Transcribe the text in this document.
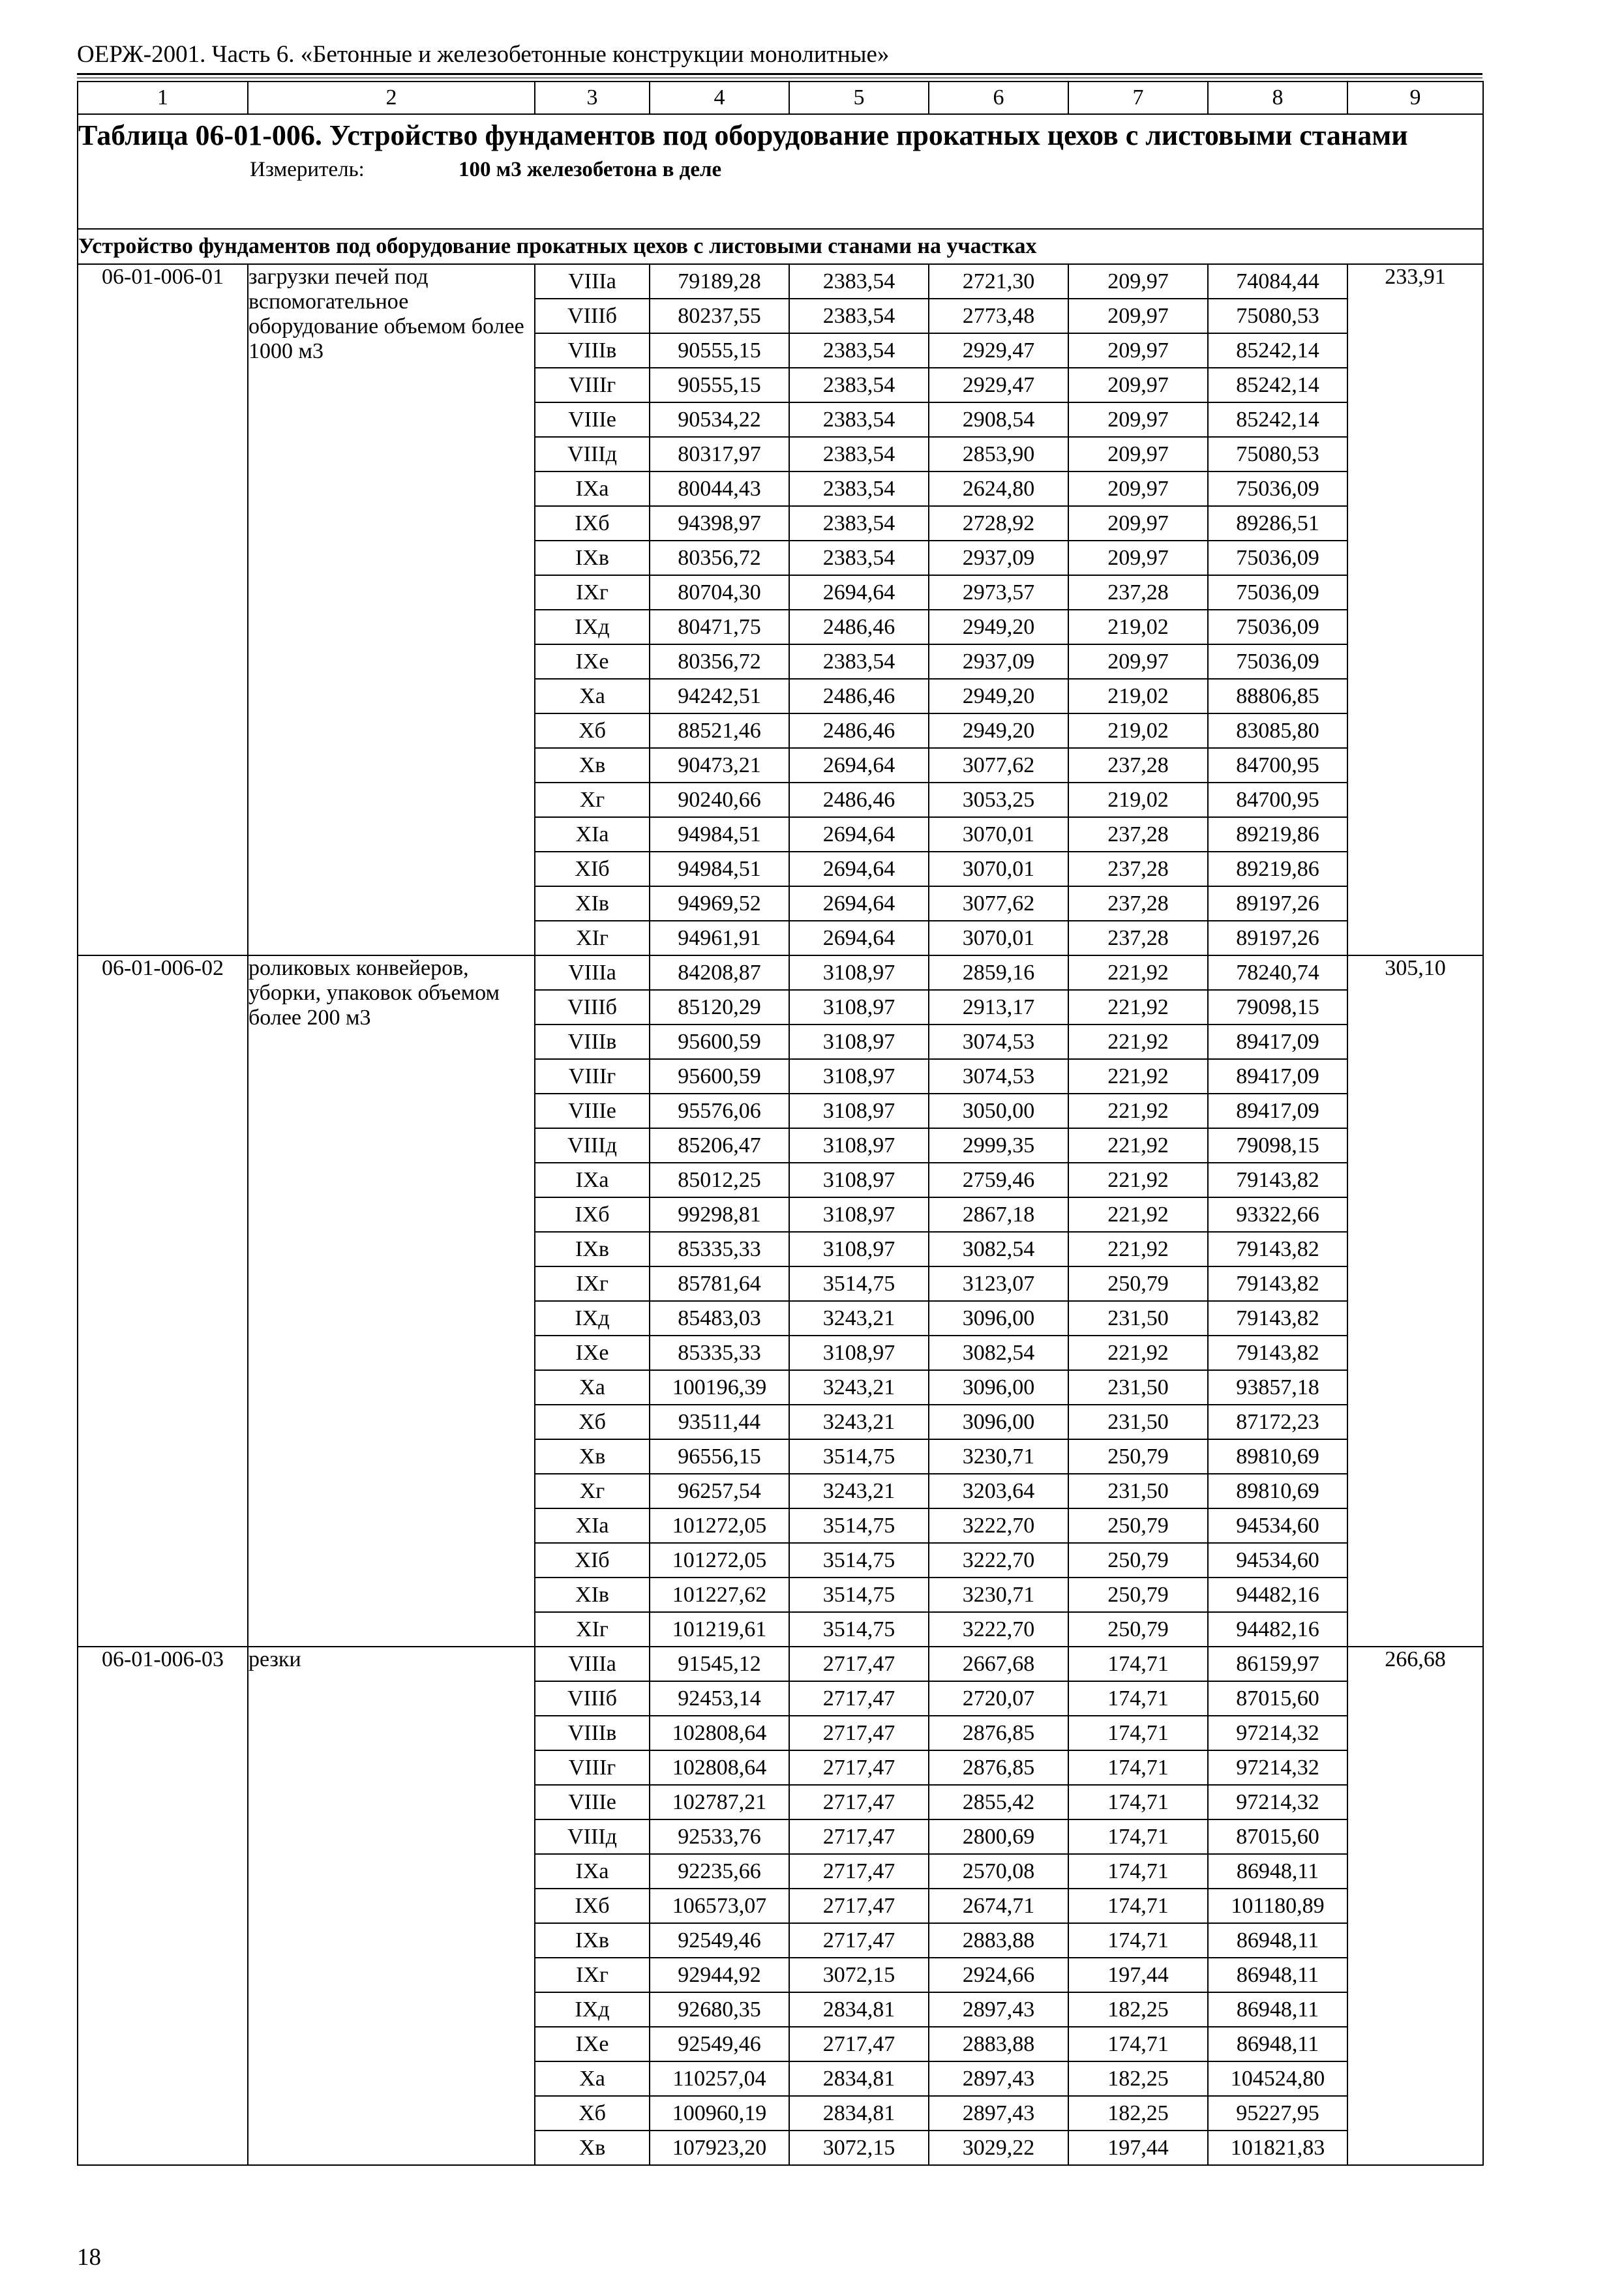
ОЕРЖ-2001. Часть 6. «Бетонные и железобетонные конструкции монолитные»
1	2	3	4	5	6	7	8	9

Таблица 06-01-006. Устройство фундаментов под оборудование прокатных цехов с листовыми станами
Измеритель: 100 м3 железобетона в деле								

Устройство фундаментов под оборудование прокатных цехов с листовыми станами на участках								
06-01-006-01	загрузки печей под вспомогательное оборудование объемом более 1000 м3	VIIIа	79189,28	2383,54	2721,30	209,97	74084,44	233,91
		VIIIб	80237,55	2383,54	2773,48	209,97	75080,53	
		VIIIв	90555,15	2383,54	2929,47	209,97	85242,14	
		VIIIг	90555,15	2383,54	2929,47	209,97	85242,14	
		VIIIе	90534,22	2383,54	2908,54	209,97	85242,14	
		VIIIд	80317,97	2383,54	2853,90	209,97	75080,53	
		IXа	80044,43	2383,54	2624,80	209,97	75036,09	
		IXб	94398,97	2383,54	2728,92	209,97	89286,51	
		IXв	80356,72	2383,54	2937,09	209,97	75036,09	
		IXг	80704,30	2694,64	2973,57	237,28	75036,09	
		IXд	80471,75	2486,46	2949,20	219,02	75036,09	
		IXе	80356,72	2383,54	2937,09	209,97	75036,09	
		Xа	94242,51	2486,46	2949,20	219,02	88806,85	
		Xб	88521,46	2486,46	2949,20	219,02	83085,80	
		Xв	90473,21	2694,64	3077,62	237,28	84700,95	
		Xг	90240,66	2486,46	3053,25	219,02	84700,95	
		XIа	94984,51	2694,64	3070,01	237,28	89219,86	
		XIб	94984,51	2694,64	3070,01	237,28	89219,86	
		XIв	94969,52	2694,64	3077,62	237,28	89197,26	
		XIг	94961,91	2694,64	3070,01	237,28	89197,26	
06-01-006-02	роликовых конвейеров, уборки, упаковок объемом более 200 м3	VIIIа	84208,87	3108,97	2859,16	221,92	78240,74	305,10
		VIIIб	85120,29	3108,97	2913,17	221,92	79098,15	
		VIIIв	95600,59	3108,97	3074,53	221,92	89417,09	
		VIIIг	95600,59	3108,97	3074,53	221,92	89417,09	
		VIIIе	95576,06	3108,97	3050,00	221,92	89417,09	
		VIIIд	85206,47	3108,97	2999,35	221,92	79098,15	
		IXа	85012,25	3108,97	2759,46	221,92	79143,82	
		IXб	99298,81	3108,97	2867,18	221,92	93322,66	
		IXв	85335,33	3108,97	3082,54	221,92	79143,82	
		IXг	85781,64	3514,75	3123,07	250,79	79143,82	
		IXд	85483,03	3243,21	3096,00	231,50	79143,82	
		IXе	85335,33	3108,97	3082,54	221,92	79143,82	
		Xа	100196,39	3243,21	3096,00	231,50	93857,18	
		Xб	93511,44	3243,21	3096,00	231,50	87172,23	
		Xв	96556,15	3514,75	3230,71	250,79	89810,69	
		Xг	96257,54	3243,21	3203,64	231,50	89810,69	
		XIа	101272,05	3514,75	3222,70	250,79	94534,60	
		XIб	101272,05	3514,75	3222,70	250,79	94534,60	
		XIв	101227,62	3514,75	3230,71	250,79	94482,16	
		XIг	101219,61	3514,75	3222,70	250,79	94482,16	
06-01-006-03	резки	VIIIа	91545,12	2717,47	2667,68	174,71	86159,97	266,68
		VIIIб	92453,14	2717,47	2720,07	174,71	87015,60	
		VIIIв	102808,64	2717,47	2876,85	174,71	97214,32	
		VIIIг	102808,64	2717,47	2876,85	174,71	97214,32	
		VIIIе	102787,21	2717,47	2855,42	174,71	97214,32	
		VIIIд	92533,76	2717,47	2800,69	174,71	87015,60	
		IXа	92235,66	2717,47	2570,08	174,71	86948,11	
		IXб	106573,07	2717,47	2674,71	174,71	101180,89	
		IXв	92549,46	2717,47	2883,88	174,71	86948,11	
		IXг	92944,92	3072,15	2924,66	197,44	86948,11	
		IXд	92680,35	2834,81	2897,43	182,25	86948,11	
		IXе	92549,46	2717,47	2883,88	174,71	86948,11	
		Xа	110257,04	2834,81	2897,43	182,25	104524,80	
		Xб	100960,19	2834,81	2897,43	182,25	95227,95	
		Xв	107923,20	3072,15	3029,22	197,44	101821,83	
18
